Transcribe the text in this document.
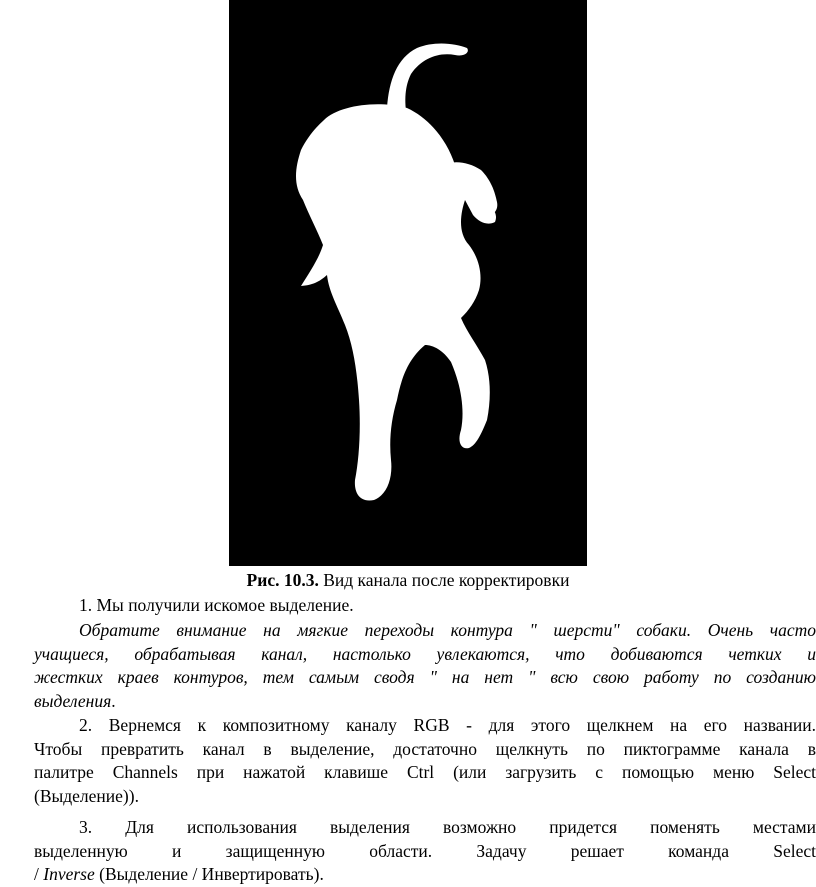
Рис. 10.3. Вид канала после корректировки

1. Мы получили искомое выделение.

Обратите внимание на мягкие переходы контура " шерсти" собаки. Очень часто

учащиеся, обрабатывая канал, настолько увлекаются, что добиваются четких и

жестких краев контуров, тем самым сводя " на нет " всю свою работу по созданию

выделения.

2. Вернемся к композитному каналу RGB - для этого щелкнем на его названии.

Чтобы превратить канал в выделение, достаточно щелкнуть по пиктограмме канала в

палитре Channels при нажатой клавише Ctrl (или загрузить с помощью меню Select

(Выделение)).

3. Для использования выделения возможно придется поменять местами

выделенную и защищенную области. Задачу решает команда Select

/ Inverse (Выделение / Инвертировать).
